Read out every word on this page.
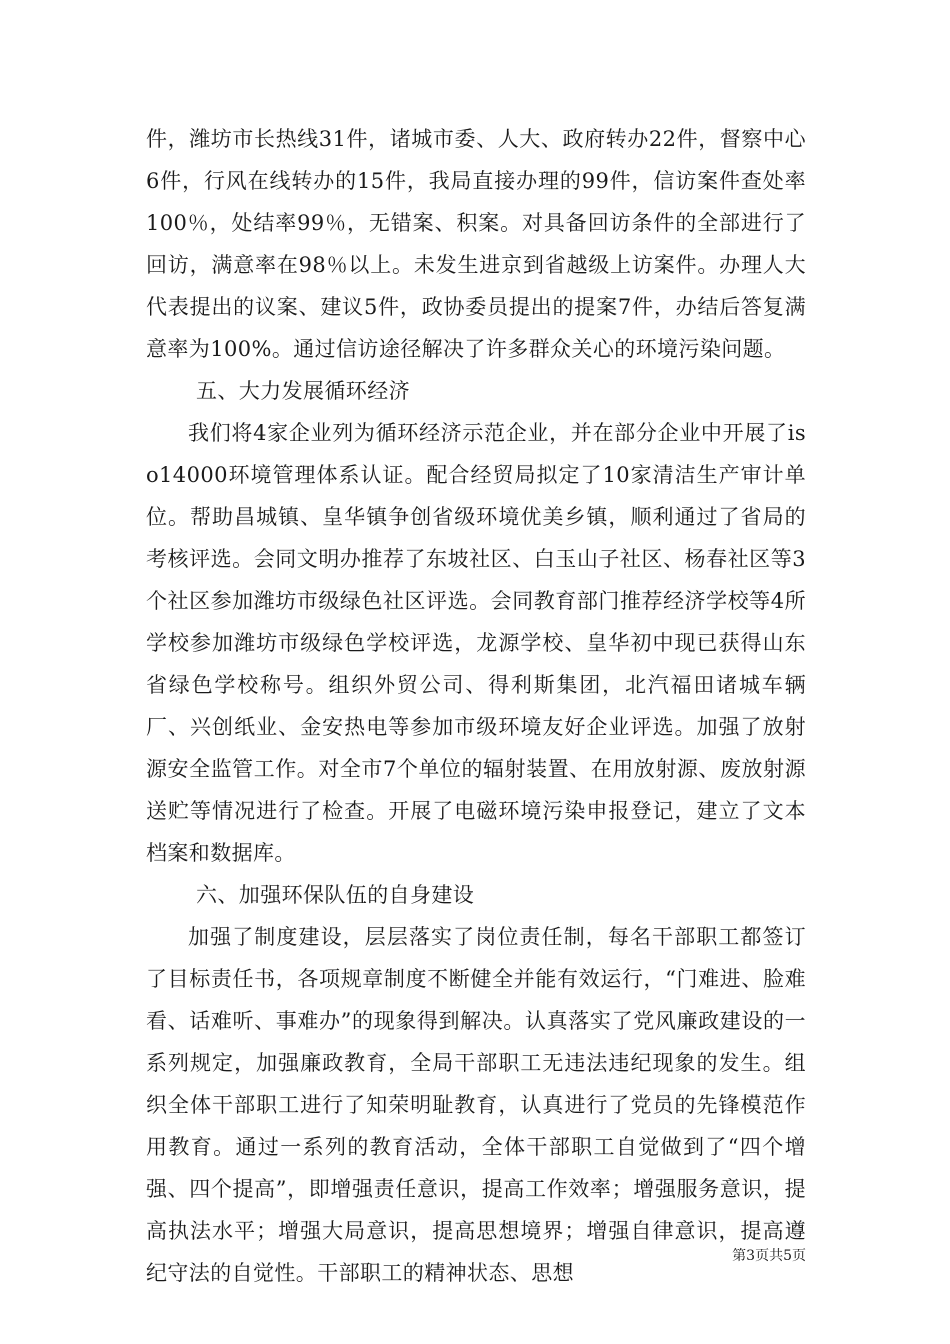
件，潍坊市长热线31件，诸城市委、人大、政府转办22件，督察中心6件，行风在线转办的15件，我局直接办理的99件，信访案件查处率100％，处结率99％，无错案、积案。对具备回访条件的全部进行了回访，满意率在98％以上。未发生进京到省越级上访案件。办理人大代表提出的议案、建议5件，政协委员提出的提案7件，办结后答复满意率为100%。通过信访途径解决了许多群众关心的环境污染问题。

五、大力发展循环经济

我们将4家企业列为循环经济示范企业，并在部分企业中开展了iso14000环境管理体系认证。配合经贸局拟定了10家清洁生产审计单位。帮助昌城镇、皇华镇争创省级环境优美乡镇，顺利通过了省局的考核评选。会同文明办推荐了东坡社区、白玉山子社区、杨春社区等3个社区参加潍坊市级绿色社区评选。会同教育部门推荐经济学校等4所学校参加潍坊市级绿色学校评选，龙源学校、皇华初中现已获得山东省绿色学校称号。组织外贸公司、得利斯集团，北汽福田诸城车辆厂、兴创纸业、金安热电等参加市级环境友好企业评选。加强了放射源安全监管工作。对全市7个单位的辐射装置、在用放射源、废放射源送贮等情况进行了检查。开展了电磁环境污染申报登记，建立了文本档案和数据库。

六、加强环保队伍的自身建设

加强了制度建设，层层落实了岗位责任制，每名干部职工都签订了目标责任书，各项规章制度不断健全并能有效运行，“门难进、脸难看、话难听、事难办”的现象得到解决。认真落实了党风廉政建设的一系列规定，加强廉政教育，全局干部职工无违法违纪现象的发生。组织全体干部职工进行了知荣明耻教育，认真进行了党员的先锋模范作用教育。通过一系列的教育活动，全体干部职工自觉做到了“四个增强、四个提高”，即增强责任意识，提高工作效率；增强服务意识，提高执法水平；增强大局意识，提高思想境界；增强自律意识，提高遵纪守法的自觉性。干部职工的精神状态、思想

第3页共5页
